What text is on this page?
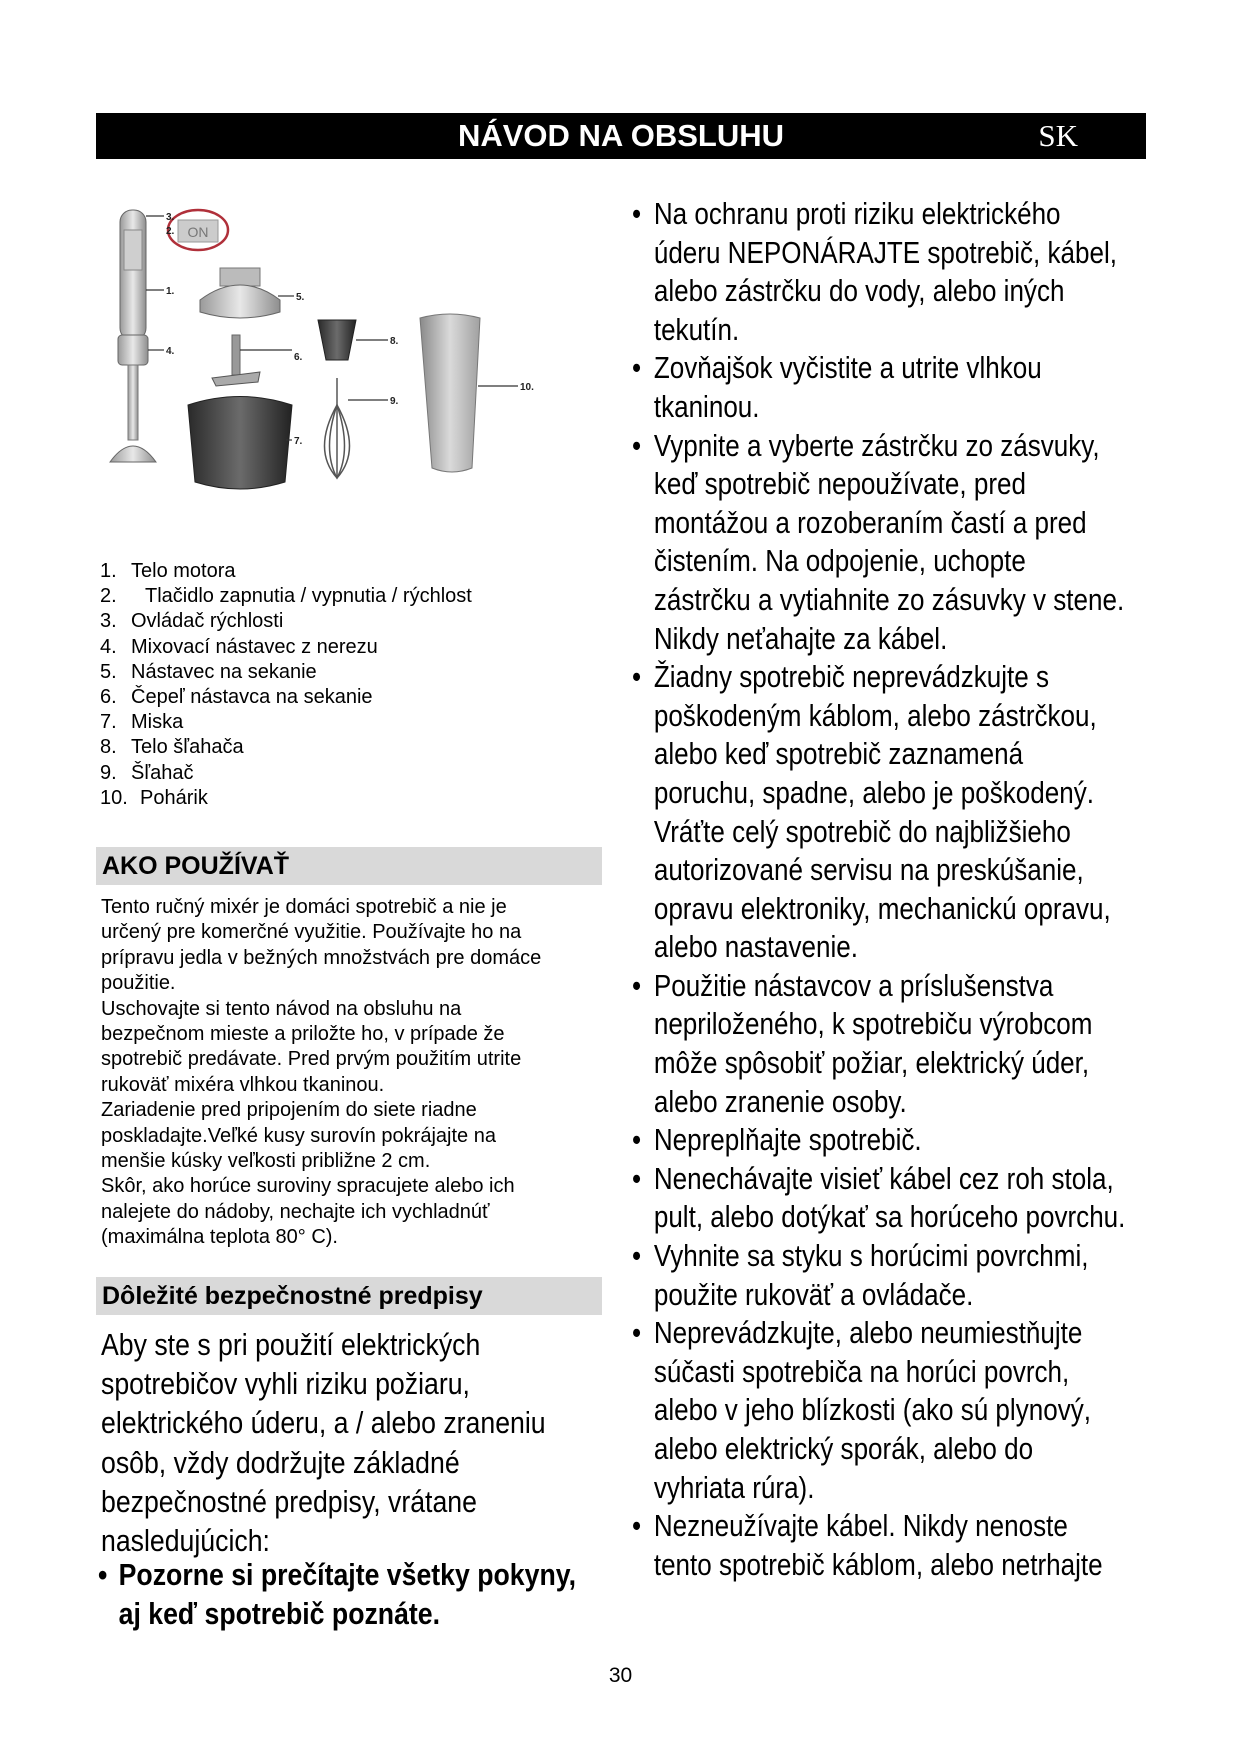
NÁVOD NA OBSLUHU	SK
ON
3.
2.
1.
4.
5.
6.
7.
8.
9.
10.
1. Telo motora
2.	Tlačidlo zapnutia / vypnutia / rýchlost
3. Ovládač rýchlosti
4. Mixovací nástavec z nerezu
5. Nástavec na sekanie
6. Čepeľ nástavca na sekanie
7. Miska
8. Telo šľahača
9. Šľahač
10. Pohárik
AKO POUŽÍVAŤ

Tento ručný mixér je domáci spotrebič a nie je

určený pre komerčné využitie. Používajte ho na

prípravu jedla v bežných množstvách pre domáce

použitie.

Uschovajte si tento návod na obsluhu na

bezpečnom mieste a priložte ho, v prípade že

spotrebič predávate. Pred prvým použitím utrite

rukoväť mixéra vlhkou tkaninou.

Zariadenie pred pripojením do siete riadne

poskladajte.Veľké kusy surovín pokrájajte na

menšie kúsky veľkosti približne 2 cm.

Skôr, ako horúce suroviny spracujete alebo ich

nalejete do nádoby, nechajte ich vychladnúť

(maximálna teplota 80° C).

Dôležité bezpečnostné predpisy

Aby ste s pri použití elektrických

spotrebičov vyhli riziku požiaru,

elektrického úderu, a / alebo zraneniu

osôb, vždy dodržujte základné

bezpečnostné predpisy, vrátane

nasledujúcich:

• Pozorne si prečítajte všetky pokyny,
aj keď spotrebič poznáte.
• Na ochranu proti riziku elektrického
úderu NEPONÁRAJTE spotrebič, kábel,
alebo zástrčku do vody, alebo iných
tekutín.
• Zovňajšok vyčistite a utrite vlhkou
tkaninou.
• Vypnite a vyberte zástrčku zo zásvuky,
keď spotrebič nepoužívate, pred
montážou a rozoberaním častí a pred
čistením. Na odpojenie, uchopte
zástrčku a vytiahnite zo zásuvky v stene.
Nikdy neťahajte za kábel.
• Žiadny spotrebič neprevádzkujte s
poškodeným káblom, alebo zástrčkou,
alebo keď spotrebič zaznamená
poruchu, spadne, alebo je poškodený.
Vráťte celý spotrebič do najbližšieho
autorizované servisu na preskúšanie,
opravu elektroniky, mechanickú opravu,
alebo nastavenie.
• Použitie nástavcov a príslušenstva
nepriloženého, k spotrebiču výrobcom
môže spôsobiť požiar, elektrický úder,
alebo zranenie osoby.
• Nepreplňajte spotrebič.
• Nenechávajte visieť kábel cez roh stola,
pult, alebo dotýkať sa horúceho povrchu.
• Vyhnite sa styku s horúcimi povrchmi,
použite rukoväť a ovládače.
• Neprevádzkujte, alebo neumiestňujte
súčasti spotrebiča na horúci povrch,
alebo v jeho blízkosti (ako sú plynový,
alebo elektrický sporák, alebo do
vyhriata rúra).
• Nezneužívajte kábel. Nikdy nenoste
tento spotrebič káblom, alebo netrhajte
30
